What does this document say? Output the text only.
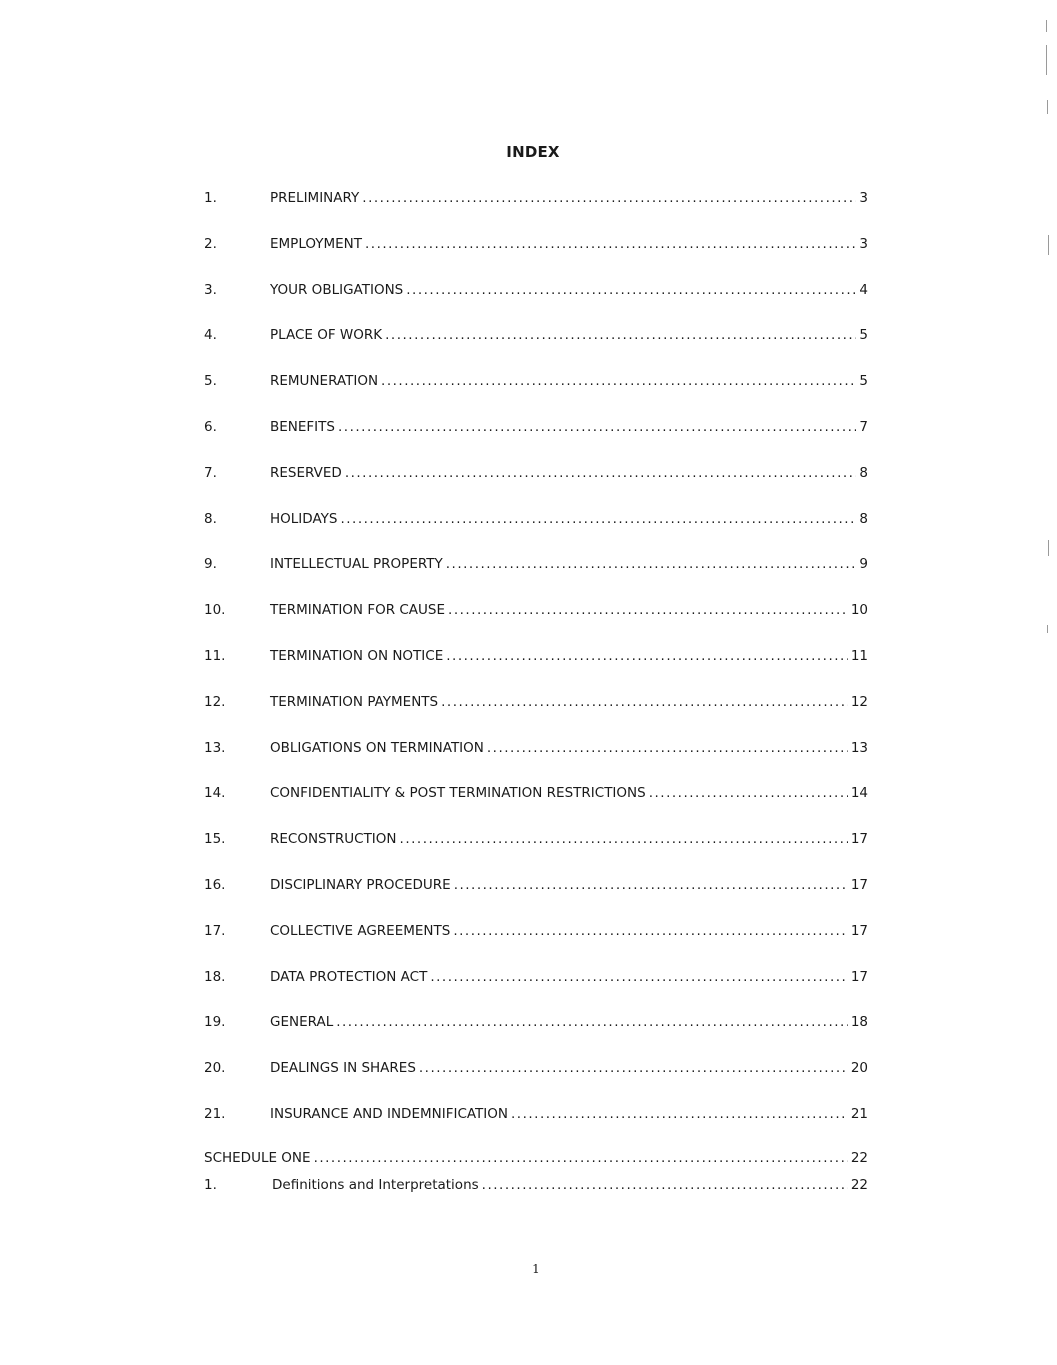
INDEX
1.	PRELIMINARY .....	3
2.	EMPLOYMENT .....	3
3.	YOUR OBLIGATIONS .....	4
4.	PLACE OF WORK .....	5
5.	REMUNERATION .....	5
6.	BENEFITS .....	7
7.	RESERVED .....	8
8.	HOLIDAYS .....	8
9.	INTELLECTUAL PROPERTY .....	9
10.	TERMINATION FOR CAUSE .....	10
11.	TERMINATION ON NOTICE .....	11
12.	TERMINATION PAYMENTS .....	12
13.	OBLIGATIONS ON TERMINATION .....	13
14.	CONFIDENTIALITY & POST TERMINATION RESTRICTIONS .....	14
15.	RECONSTRUCTION .....	17
16.	DISCIPLINARY PROCEDURE .....	17
17.	COLLECTIVE AGREEMENTS .....	17
18.	DATA PROTECTION ACT .....	17
19.	GENERAL .....	18
20.	DEALINGS IN SHARES .....	20
21.	INSURANCE AND INDEMNIFICATION .....	21
SCHEDULE ONE .....	22
1.	Definitions and Interpretations .....	22
1
